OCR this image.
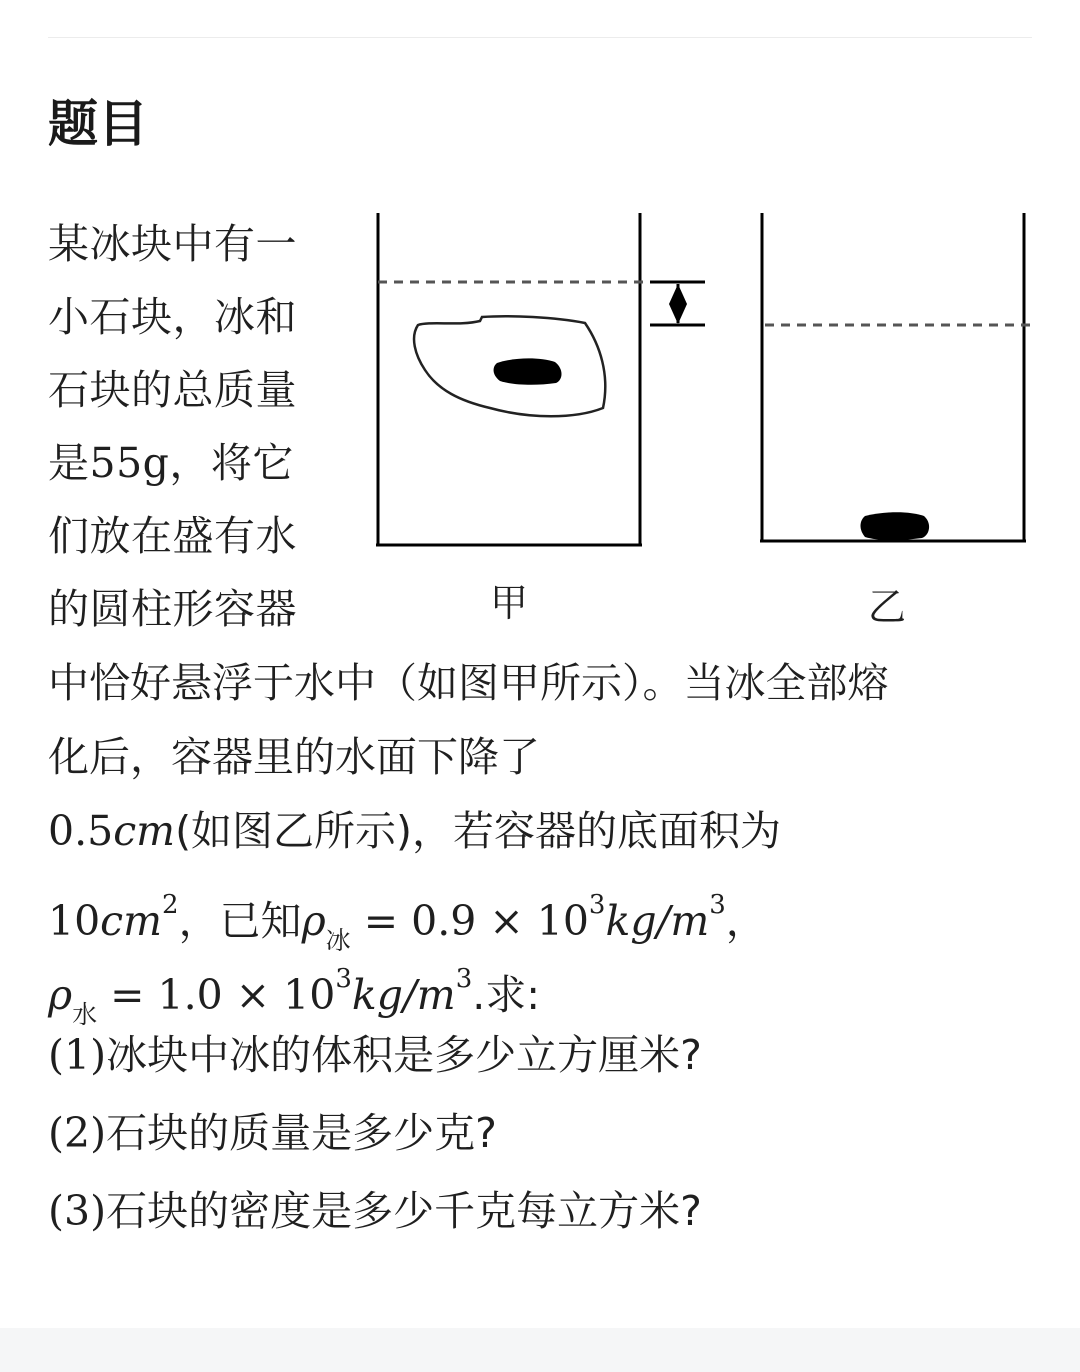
题目
某冰块中有一
小石块，冰和
石块的总质量
是55g，将它
们放在盛有水
的圆柱形容器
中恰好悬浮于水中（如图甲所示）。当冰全部熔
化后，容器里的水面下降了
0.5cm(如图乙所示)，若容器的底面积为
$10cm^2$，已知$\rho_冰 = 0.9 \times 10^3kg/m^3$，
$\rho_水 = 1.0 \times 10^3kg/m^3$.求:
(1)冰块中冰的体积是多少立方厘米?
(2)石块的质量是多少克?
(3)石块的密度是多少千克每立方米?
甲	乙
